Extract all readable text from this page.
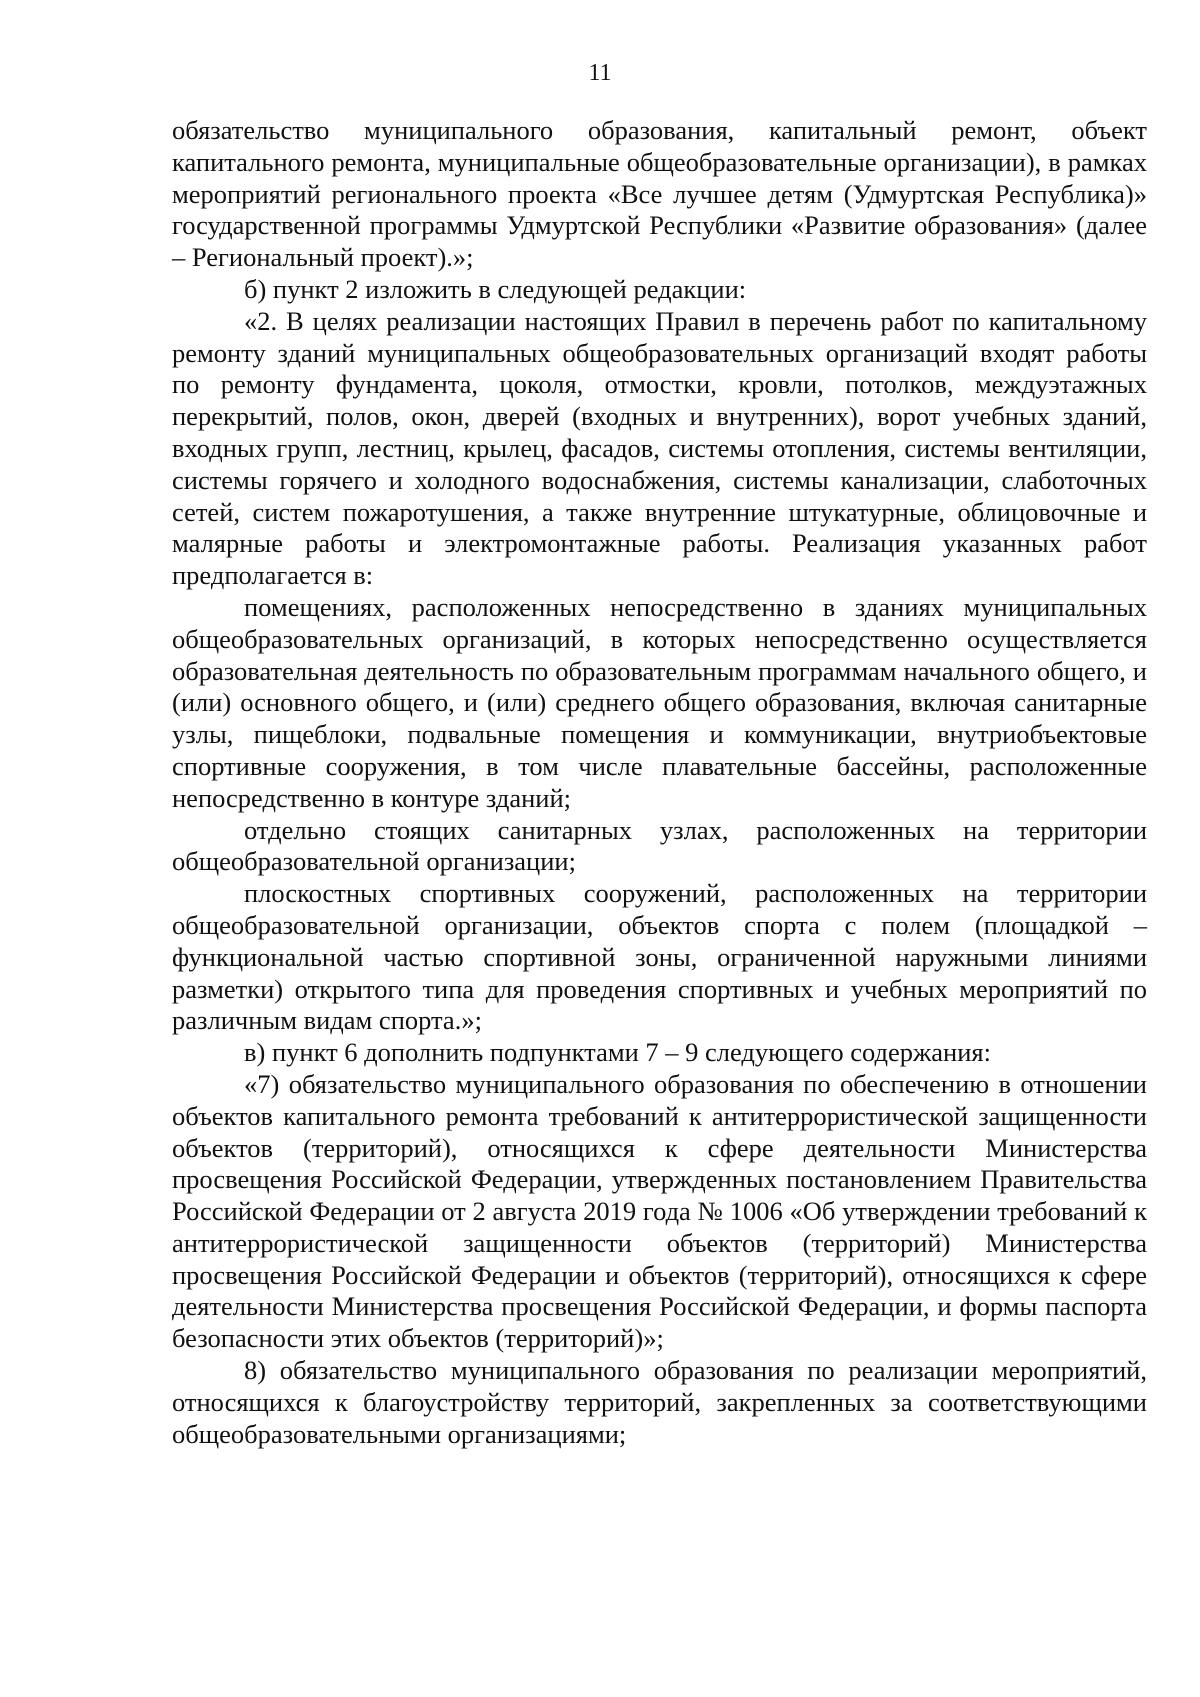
11

обязательство муниципального образования, капитальный ремонт, объект капитального ремонта, муниципальные общеобразовательные организации), в рамках мероприятий регионального проекта «Все лучшее детям (Удмуртская Республика)» государственной программы Удмуртской Республики «Развитие образования» (далее – Региональный проект).»;

б) пункт 2 изложить в следующей редакции:

«2. В целях реализации настоящих Правил в перечень работ по капитальному ремонту зданий муниципальных общеобразовательных организаций входят работы по ремонту фундамента, цоколя, отмостки, кровли, потолков, междуэтажных перекрытий, полов, окон, дверей (входных и внутренних), ворот учебных зданий, входных групп, лестниц, крылец, фасадов, системы отопления, системы вентиляции, системы горячего и холодного водоснабжения, системы канализации, слаботочных сетей, систем пожаротушения, а также внутренние штукатурные, облицовочные и малярные работы и электромонтажные работы. Реализация указанных работ предполагается в:

помещениях, расположенных непосредственно в зданиях муниципальных общеобразовательных организаций, в которых непосредственно осуществляется образовательная деятельность по образовательным программам начального общего, и (или) основного общего, и (или) среднего общего образования, включая санитарные узлы, пищеблоки, подвальные помещения и коммуникации, внутриобъектовые спортивные сооружения, в том числе плавательные бассейны, расположенные непосредственно в контуре зданий;

отдельно стоящих санитарных узлах, расположенных на территории общеобразовательной организации;

плоскостных спортивных сооружений, расположенных на территории общеобразовательной организации, объектов спорта с полем (площадкой – функциональной частью спортивной зоны, ограниченной наружными линиями разметки) открытого типа для проведения спортивных и учебных мероприятий по различным видам спорта.»;

в) пункт 6 дополнить подпунктами 7 – 9 следующего содержания:

«7) обязательство муниципального образования по обеспечению в отношении объектов капитального ремонта требований к антитеррористической защищенности объектов (территорий), относящихся к сфере деятельности Министерства просвещения Российской Федерации, утвержденных постановлением Правительства Российской Федерации от 2 августа 2019 года № 1006 «Об утверждении требований к антитеррористической защищенности объектов (территорий) Министерства просвещения Российской Федерации и объектов (территорий), относящихся к сфере деятельности Министерства просвещения Российской Федерации, и формы паспорта безопасности этих объектов (территорий)»;

8) обязательство муниципального образования по реализации мероприятий, относящихся к благоустройству территорий, закрепленных за соответствующими общеобразовательными организациями;
